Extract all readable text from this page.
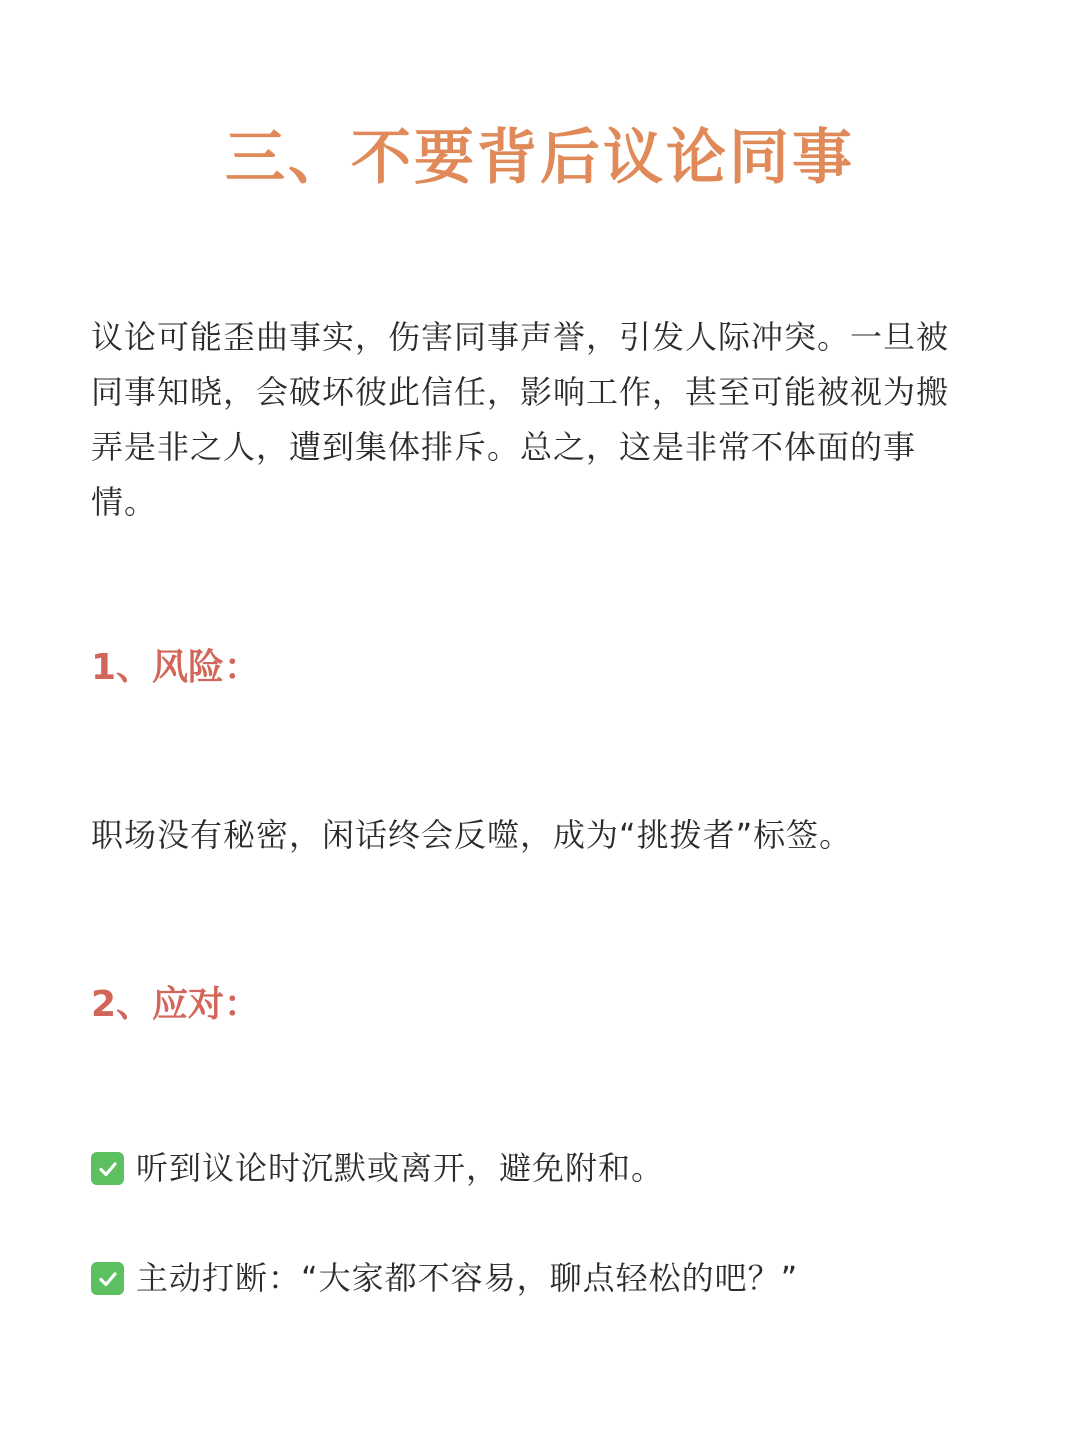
三、不要背后议论同事
议论可能歪曲事实，伤害同事声誉，引发人际冲突。一旦被同事知晓，会破坏彼此信任，影响工作，甚至可能被视为搬弄是非之人，遭到集体排斥。总之，这是非常不体面的事情。
1、风险：
职场没有秘密，闲话终会反噬，成为“挑拨者”标签。
2、应对：
听到议论时沉默或离开，避免附和。
主动打断：“大家都不容易，聊点轻松的吧？”
